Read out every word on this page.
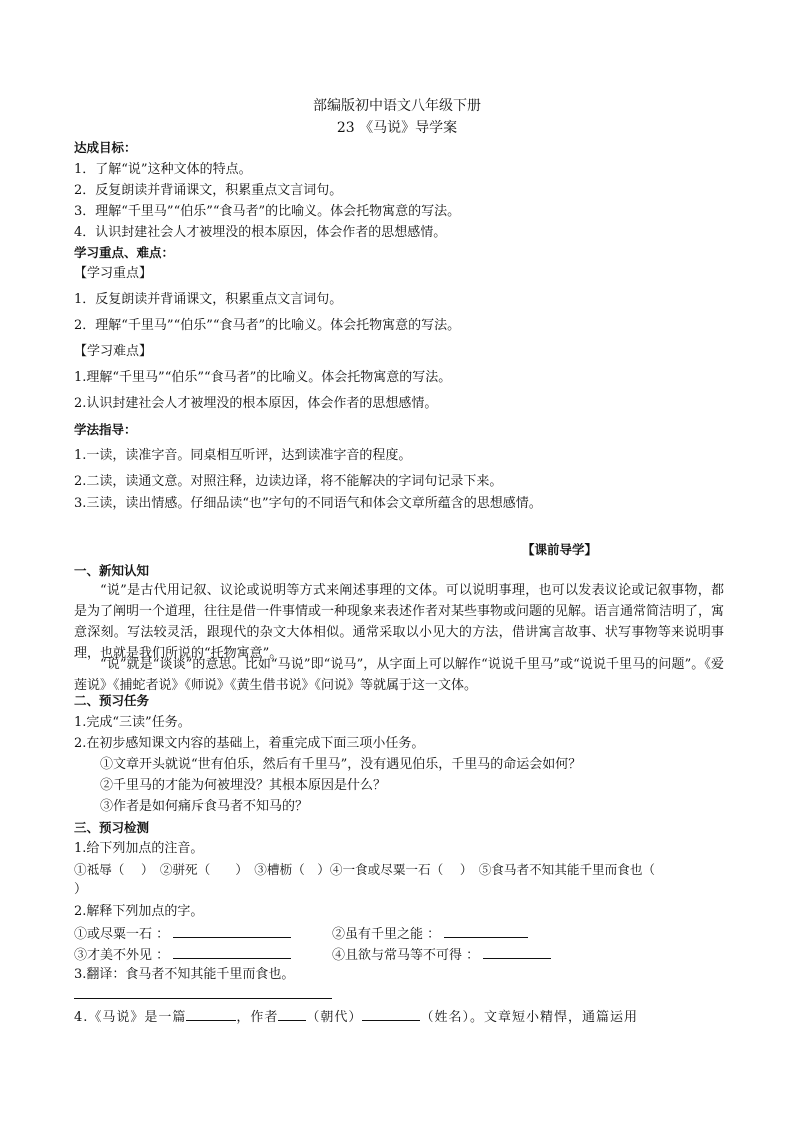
部编版初中语文八年级下册
23 《马说》导学案
达成目标：
1．了解“说”这种文体的特点。
2．反复朗读并背诵课文，积累重点文言词句。
3．理解“千里马”“伯乐”“食马者”的比喻义。体会托物寓意的写法。
4．认识封建社会人才被埋没的根本原因，体会作者的思想感情。
学习重点、难点：
【学习重点】
1．反复朗读并背诵课文，积累重点文言词句。
2．理解“千里马”“伯乐”“食马者”的比喻义。体会托物寓意的写法。
【学习难点】
1.理解“千里马”“伯乐”“食马者”的比喻义。体会托物寓意的写法。
2.认识封建社会人才被埋没的根本原因，体会作者的思想感情。
学法指导：
1.一读，读准字音。同桌相互听评，达到读准字音的程度。
2.二读，读通文意。对照注释，边读边译，将不能解决的字词句记录下来。
3.三读，读出情感。仔细品读“也”字句的不同语气和体会文章所蕴含的思想感情。
【课前导学】
一、新知认知
“说”是古代用记叙、议论或说明等方式来阐述事理的文体。可以说明事理，也可以发表议论或记叙事物，都是为了阐明一个道理，往往是借一件事情或一种现象来表述作者对某些事物或问题的见解。语言通常简洁明了，寓意深刻。写法较灵活，跟现代的杂文大体相似。通常采取以小见大的方法，借讲寓言故事、状写事物等来说明事理，也就是我们所说的“托物寓意”。
“说”就是“谈谈”的意思。比如“马说”即“说马”，从字面上可以解作“说说千里马”或“说说千里马的问题”。《爱莲说》《捕蛇者说》《师说》《黄生借书说》《问说》等就属于这一文体。
二、预习任务
1.完成“三读”任务。
2.在初步感知课文内容的基础上，着重完成下面三项小任务。
①文章开头就说“世有伯乐，然后有千里马”，没有遇见伯乐，千里马的命运会如何？
②千里马的才能为何被埋没？其根本原因是什么？
③作者是如何痛斥食马者不知马的？
三、预习检测
1.给下列加点的注音。
①祗辱（　 ）　②骈死（　　）　③槽枥（　）④一食或尽粟一石（　 ）　⑤食马者不知其能千里而食也（
）
2.解释下列加点的字。
①或尽粟一石 ：	②虽有千里之能 ：
③才美不外见 ：	④且欲与常马等不可得 ：
3.翻译：食马者不知其能千里而食也。
4.《马说》是一篇	，作者 （朝代）	（姓名）。文章短小精悍，通篇运用
